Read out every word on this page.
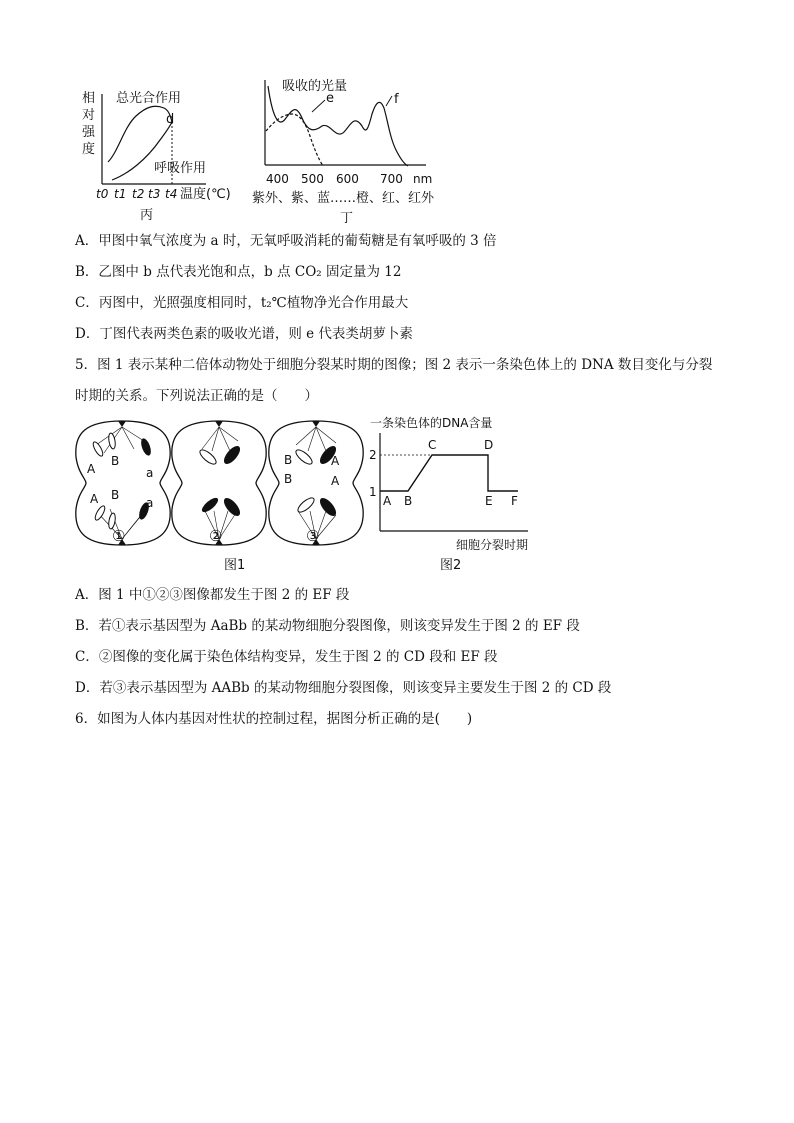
相
对
强
度
总光合作用
d
呼吸作用
t0 t1 t2 t3 t4 温度(℃)
丙
吸收的光量
e	f
400 500 600 700 nm
紫外、紫、蓝……橙、红、红外
丁
A．甲图中氧气浓度为 a 时，无氧呼吸消耗的葡萄糖是有氧呼吸的 3 倍
B．乙图中 b 点代表光饱和点，b 点 CO₂ 固定量为 12
C．丙图中，光照强度相同时，t₂℃植物净光合作用最大
D．丁图代表两类色素的吸收光谱，则 e 代表类胡萝卜素
5．图 1 表示某种二倍体动物处于细胞分裂某时期的图像；图 2 表示一条染色体上的 DNA 数目变化与分裂
时期的关系。下列说法正确的是（　　）
A
B
a
A B
a
B	A
B	A
①	②	③
图1
一条染色体的DNA含量
2
1
A B
C	D
E F
细胞分裂时期
图2
A．图 1 中①②③图像都发生于图 2 的 EF 段
B．若①表示基因型为 AaBb 的某动物细胞分裂图像，则该变异发生于图 2 的 EF 段
C．②图像的变化属于染色体结构变异，发生于图 2 的 CD 段和 EF 段
D．若③表示基因型为 AABb 的某动物细胞分裂图像，则该变异主要发生于图 2 的 CD 段
6．如图为人体内基因对性状的控制过程，据图分析正确的是(　　)
